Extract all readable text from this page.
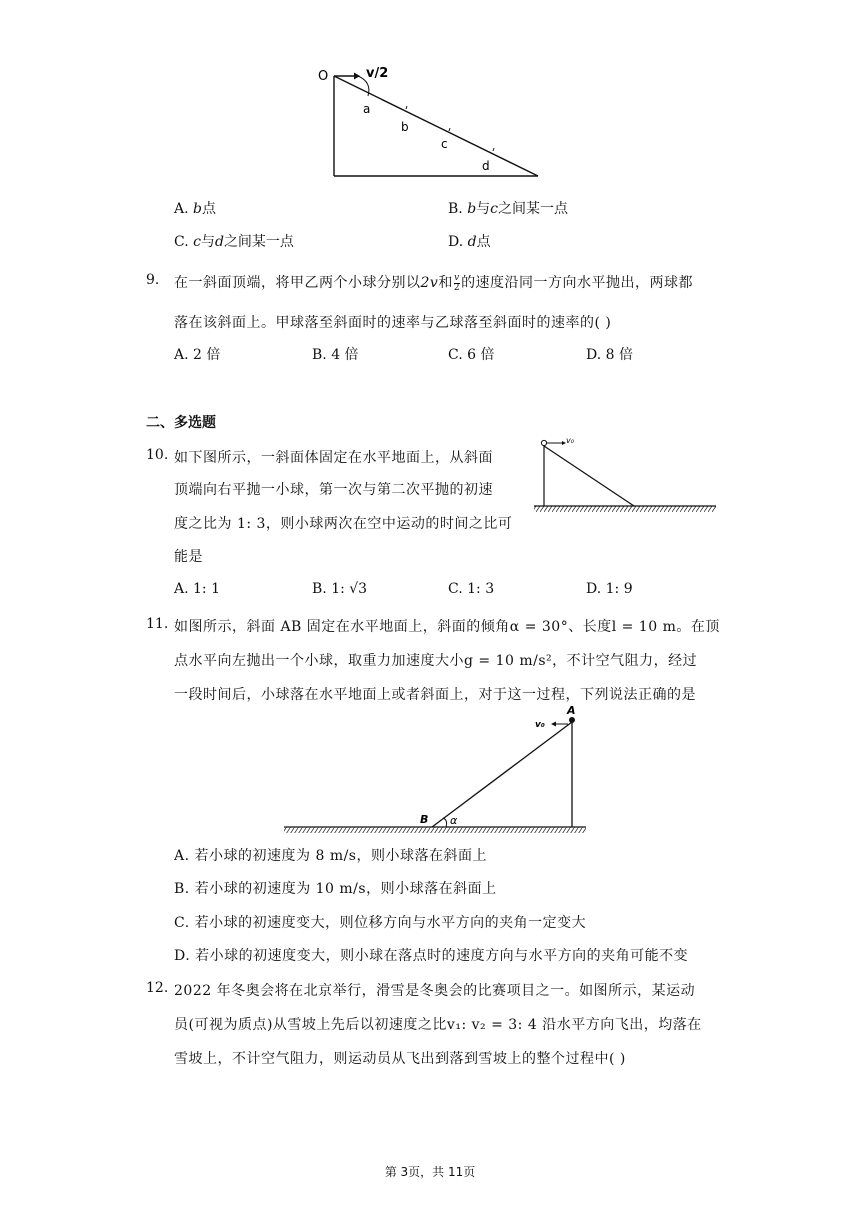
O	v/2
a
b
c
d
A. b点	B. b与c之间某一点
C. c与d之间某一点	D. d点
9. 在一斜面顶端，将甲乙两个小球分别以2v和 $\frac{v}{2}$ 的速度沿同一方向水平抛出，两球都
落在该斜面上。甲球落至斜面时的速率与乙球落至斜面时的速率的( )
A. 2 倍	B. 4 倍	C. 6 倍	D. 8 倍
二、多选题
10. 如下图所示，一斜面体固定在水平地面上，从斜面
顶端向右平抛一小球，第一次与第二次平抛的初速
度之比为 1: 3，则小球两次在空中运动的时间之比可
能是
v₀
A. 1: 1	B. 1: √3	C. 1: 3	D. 1: 9
11. 如图所示，斜面 AB 固定在水平地面上，斜面的倾角α = 30°、长度l = 10 m。在顶
点水平向左抛出一个小球，取重力加速度大小g = 10 m/s²，不计空气阻力，经过
一段时间后，小球落在水平地面上或者斜面上，对于这一过程，下列说法正确的是
A
B α
v₀
A. 若小球的初速度为 8 m/s，则小球落在斜面上
B. 若小球的初速度为 10 m/s，则小球落在斜面上
C. 若小球的初速度变大，则位移方向与水平方向的夹角一定变大
D. 若小球的初速度变大，则小球在落点时的速度方向与水平方向的夹角可能不变
12. 2022 年冬奥会将在北京举行，滑雪是冬奥会的比赛项目之一。如图所示，某运动
员(可视为质点)从雪坡上先后以初速度之比v₁: v₂ = 3: 4 沿水平方向飞出，均落在
雪坡上，不计空气阻力，则运动员从飞出到落到雪坡上的整个过程中( )
第 3页，共 11页
